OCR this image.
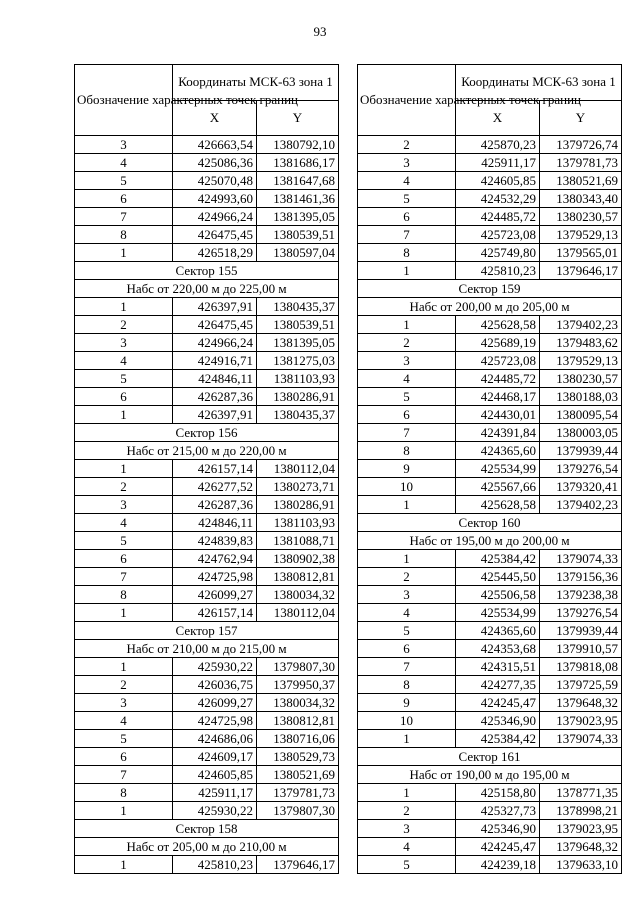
93
Обозначение характерных точек границ	Координаты МСК-63 зона 1	
	X	Y
3	426663,54	1380792,10
4	425086,36	1381686,17
5	425070,48	1381647,68
6	424993,60	1381461,36
7	424966,24	1381395,05
8	426475,45	1380539,51
1	426518,29	1380597,04
Сектор 155		
Набс от 220,00 м до 225,00 м		
1	426397,91	1380435,37
2	426475,45	1380539,51
3	424966,24	1381395,05
4	424916,71	1381275,03
5	424846,11	1381103,93
6	426287,36	1380286,91
1	426397,91	1380435,37
Сектор 156		
Набс от 215,00 м до 220,00 м		
1	426157,14	1380112,04
2	426277,52	1380273,71
3	426287,36	1380286,91
4	424846,11	1381103,93
5	424839,83	1381088,71
6	424762,94	1380902,38
7	424725,98	1380812,81
8	426099,27	1380034,32
1	426157,14	1380112,04
Сектор 157		
Набс от 210,00 м до 215,00 м		
1	425930,22	1379807,30
2	426036,75	1379950,37
3	426099,27	1380034,32
4	424725,98	1380812,81
5	424686,06	1380716,06
6	424609,17	1380529,73
7	424605,85	1380521,69
8	425911,17	1379781,73
1	425930,22	1379807,30
Сектор 158		
Набс от 205,00 м до 210,00 м		
1	425810,23	1379646,17
Обозначение характерных точек границ	Координаты МСК-63 зона 1	
	X	Y
2	425870,23	1379726,74
3	425911,17	1379781,73
4	424605,85	1380521,69
5	424532,29	1380343,40
6	424485,72	1380230,57
7	425723,08	1379529,13
8	425749,80	1379565,01
1	425810,23	1379646,17
Сектор 159		
Набс от 200,00 м до 205,00 м		
1	425628,58	1379402,23
2	425689,19	1379483,62
3	425723,08	1379529,13
4	424485,72	1380230,57
5	424468,17	1380188,03
6	424430,01	1380095,54
7	424391,84	1380003,05
8	424365,60	1379939,44
9	425534,99	1379276,54
10	425567,66	1379320,41
1	425628,58	1379402,23
Сектор 160		
Набс от 195,00 м до 200,00 м		
1	425384,42	1379074,33
2	425445,50	1379156,36
3	425506,58	1379238,38
4	425534,99	1379276,54
5	424365,60	1379939,44
6	424353,68	1379910,57
7	424315,51	1379818,08
8	424277,35	1379725,59
9	424245,47	1379648,32
10	425346,90	1379023,95
1	425384,42	1379074,33
Сектор 161		
Набс от 190,00 м до 195,00 м		
1	425158,80	1378771,35
2	425327,73	1378998,21
3	425346,90	1379023,95
4	424245,47	1379648,32
5	424239,18	1379633,10
